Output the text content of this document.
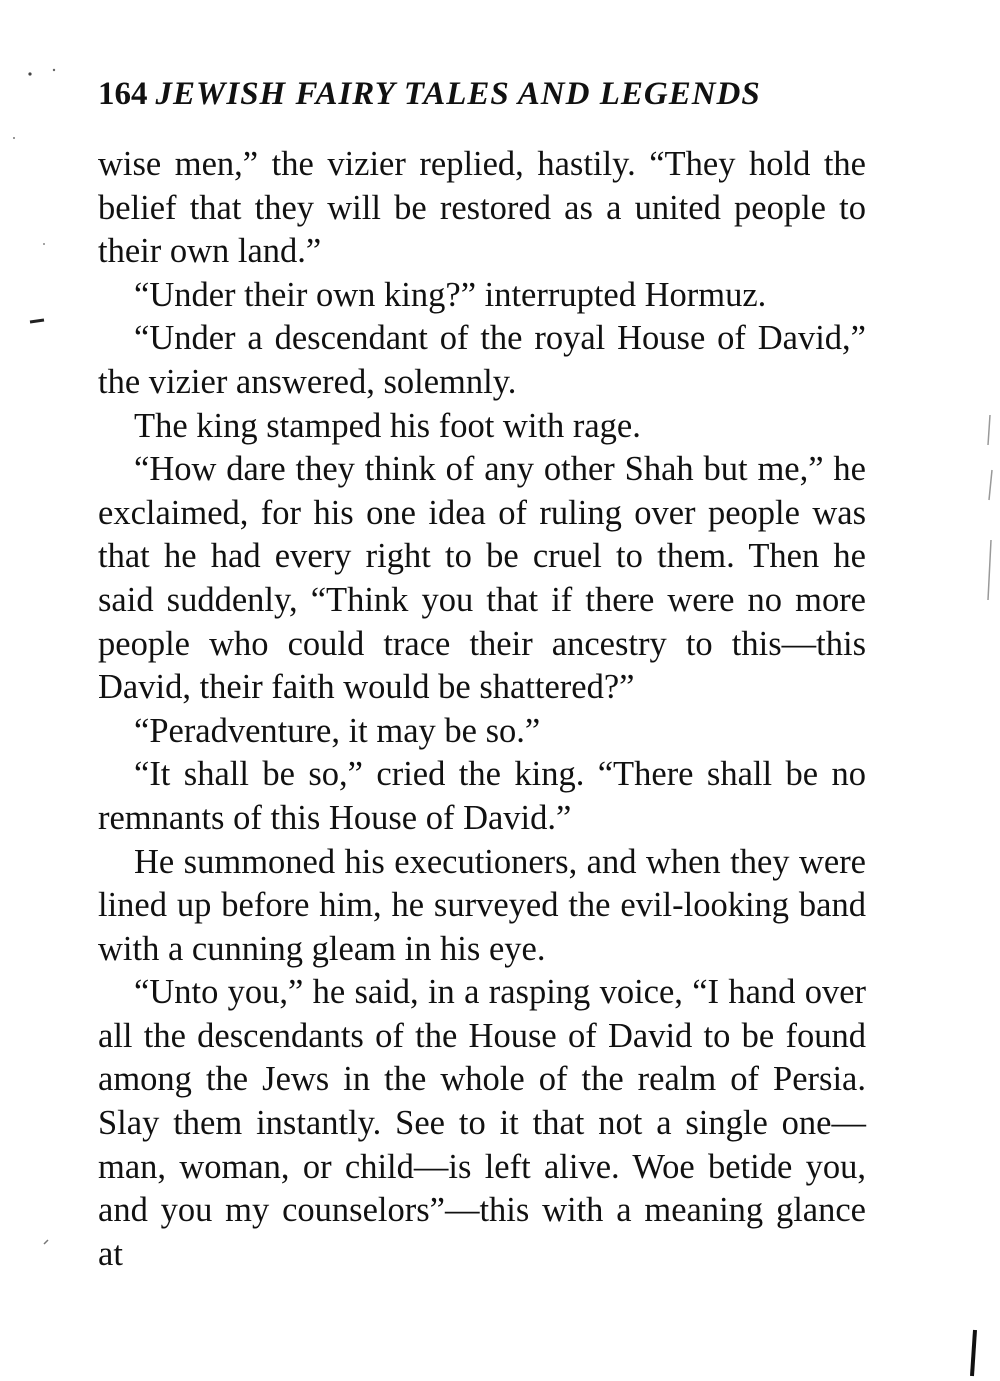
164 JEWISH FAIRY TALES AND LEGENDS

wise men,” the vizier replied, hastily. “They hold the belief that they will be restored as a united people to their own land.”

“Under their own king?” interrupted Hormuz.

“Under a descendant of the royal House of David,” the vizier answered, solemnly.

The king stamped his foot with rage.

“How dare they think of any other Shah but me,” he exclaimed, for his one idea of ruling over people was that he had every right to be cruel to them. Then he said suddenly, “Think you that if there were no more people who could trace their ancestry to this—this David, their faith would be shattered?”

“Peradventure, it may be so.”

“It shall be so,” cried the king. “There shall be no remnants of this House of David.”

He summoned his executioners, and when they were lined up before him, he surveyed the evil-looking band with a cunning gleam in his eye.

“Unto you,” he said, in a rasping voice, “I hand over all the descendants of the House of David to be found among the Jews in the whole of the realm of Persia. Slay them instantly. See to it that not a single one—man, woman, or child—is left alive. Woe betide you, and you my counselors”—this with a meaning glance at
